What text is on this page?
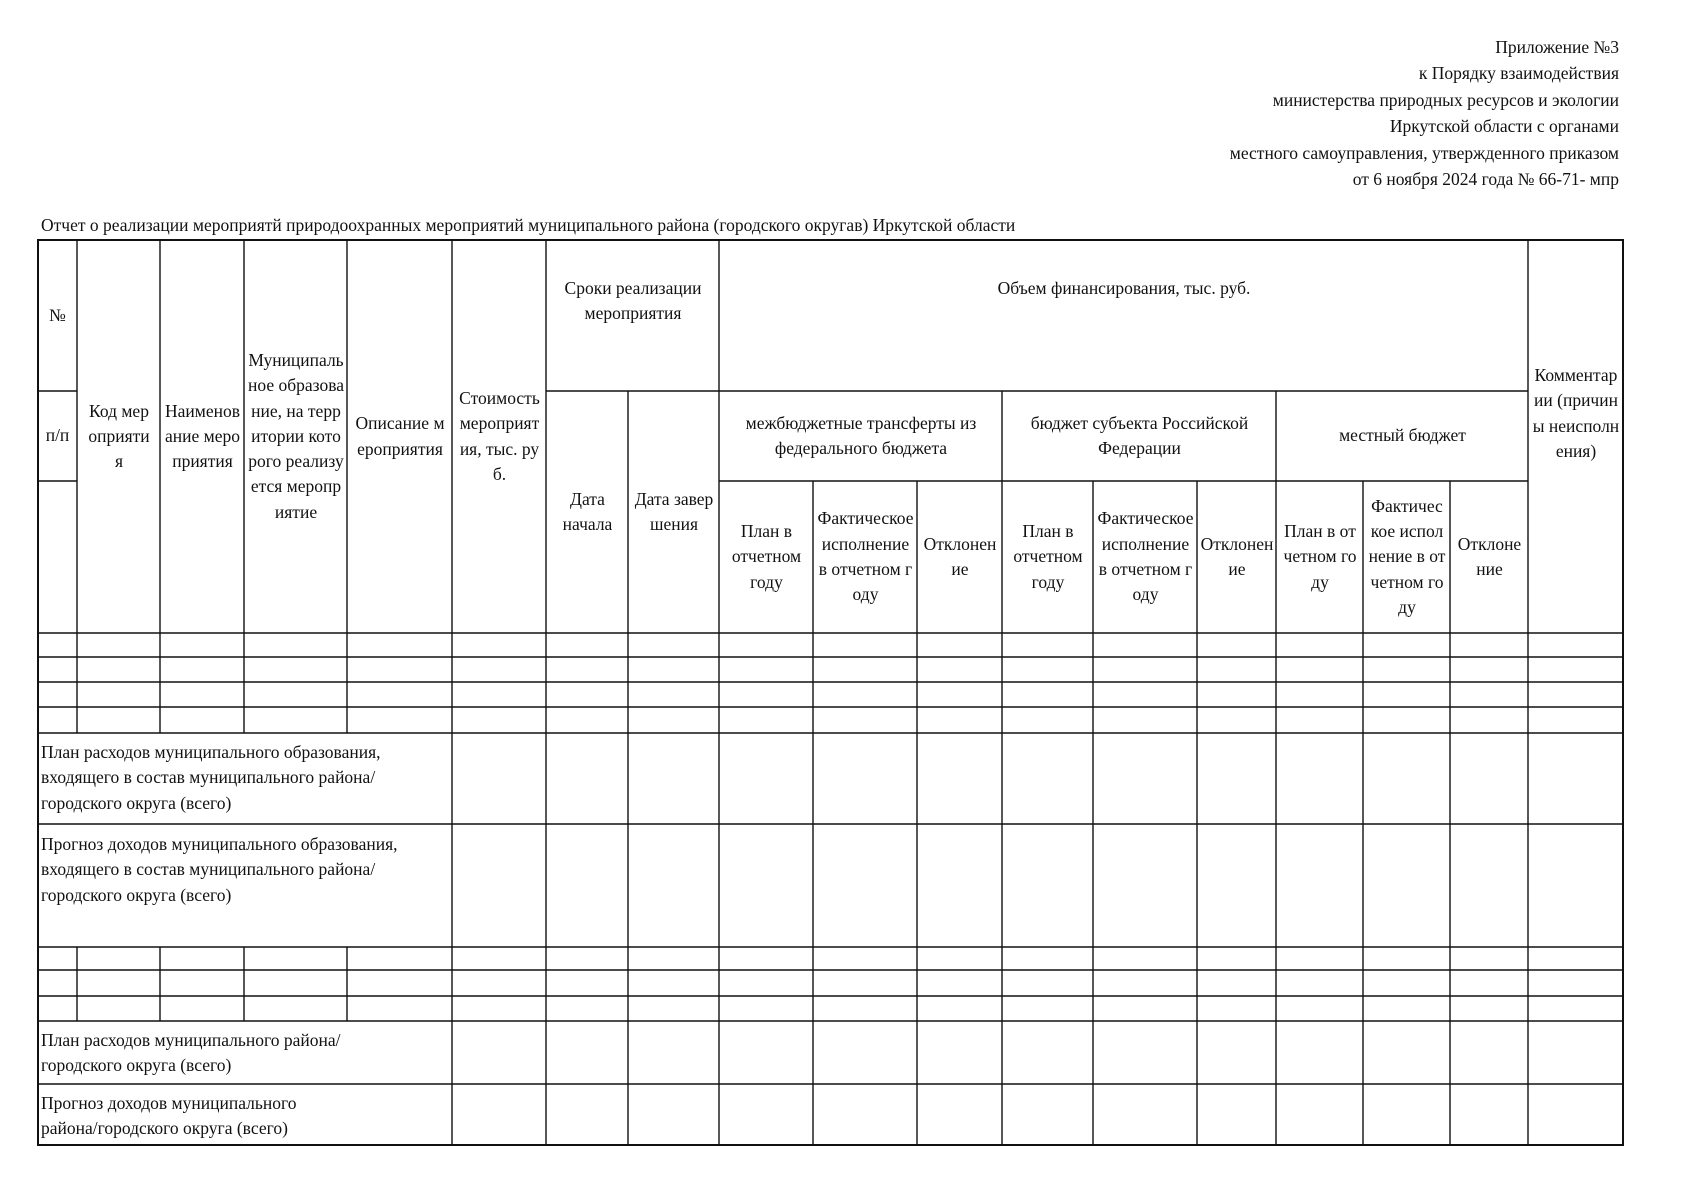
Приложение №3
к Порядку взаимодействия
министерства природных ресурсов и экологии
Иркутской области с органами
местного самоуправления, утвержденного приказом
от 6 ноября 2024 года № 66-71- мпр
Отчет о реализации мероприятй природоохранных мероприятий муниципального района (городского округав) Иркутской области
№
п/п
Код мероприятия
Наименование мероприятия
Муниципальное образование, на территории которого реализуется мероприятие
Описание мероприятия
Стоимость мероприятия, тыс. руб.
Сроки реализации мероприятия
Дата начала
Дата завершения
Объем финансирования, тыс. руб.
межбюджетные трансферты из федерального бюджета
бюджет субъекта Российской Федерации
местный бюджет
План в отчетном году
Фактическое исполнение в отчетном году
Отклонение
План в отчетном году
Фактическое исполнение в отчетном году
Отклонение
План в отчетном году
Фактическое исполнение в отчетном году
Отклонение
Комментарии (причины неисполнения)
План расходов муниципального образования, входящего в состав муниципального района/городского округа (всего)
Прогноз доходов муниципального образования, входящего в состав муниципального района/городского округа (всего)
План расходов муниципального района/городского округа (всего)
Прогноз доходов муниципального района/городского округа (всего)
